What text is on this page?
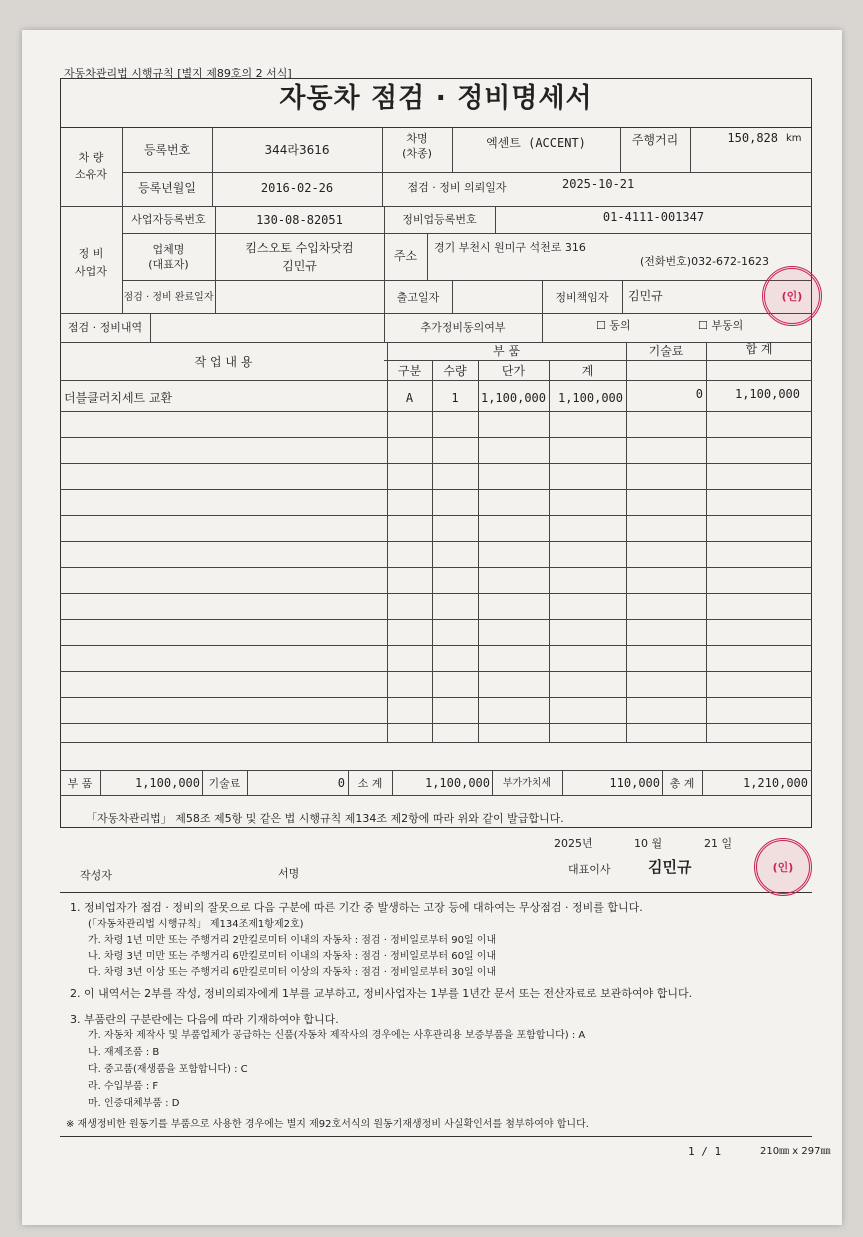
자동차관리법 시행규칙 [별지 제89호의 2 서식]
자동차 점검 · 정비명세서
차 량
소유자
등록번호	344라3616
차명
(차종)
엑센트 (ACCENT)	주행거리	150,828 km
등록년월일	2016-02-26	점검 · 정비 의뢰일자	2025-10-21
정 비
사업자
사업자등록번호	130-08-82051	정비업등록번호	01-4111-001347
업체명
(대표자)
킴스오토 수입차닷컴
김민규
주소
경기 부천시 원미구 석천로 316
(전화번호)032-672-1623
점검 · 정비 완료일자	출고일자	정비책임자	김민규
점검 · 정비내역	추가정비동의여부	☐ 동의	☐ 부동의
작 업 내 용
부 품	기술료	합 계
구분	수량	단가	계
더블클러치세트 교환	A	1	1,100,000 1,100,000	0	1,100,000
부 품	1,100,000 기술료	0	소 계	1,100,000	부가가치세	110,000 총 계	1,210,000
「자동차관리법」 제58조 제5항 및 같은 법 시행규칙 제134조 제2항에 따라 위와 같이 발급합니다.
2025년	10 월	21 일
작성자	서명	대표이사 김민규
(인)
(인)
1. 정비업자가 점검 · 정비의 잘못으로 다음 구분에 따른 기간 중 발생하는 고장 등에 대하여는 무상점검 · 정비를 합니다.
(「자동차관리법 시행규칙」 제134조제1항제2호)
가. 차령 1년 미만 또는 주행거리 2만킬로미터 이내의 자동차 : 점검 · 정비일로부터 90일 이내
나. 차령 3년 미만 또는 주행거리 6만킬로미터 이내의 자동차 : 점검 · 정비일로부터 60일 이내
다. 차령 3년 이상 또는 주행거리 6만킬로미터 이상의 자동차 : 점검 · 정비일로부터 30일 이내
2. 이 내역서는 2부를 작성, 정비의뢰자에게 1부를 교부하고, 정비사업자는 1부를 1년간 문서 또는 전산자료로 보관하여야 합니다.
3. 부품란의 구분란에는 다음에 따라 기재하여야 합니다.
가. 자동차 제작사 및 부품업체가 공급하는 신품(자동차 제작사의 경우에는 사후관리용 보증부품을 포함합니다) : A
나. 재제조품 : B
다. 중고품(재생품을 포함합니다) : C
라. 수입부품 : F
마. 인증대체부품 : D
※ 재생정비한 원동기를 부품으로 사용한 경우에는 별지 제92호서식의 원동기재생정비 사실확인서를 첨부하여야 합니다.
1 / 1	210㎜ x 297㎜
